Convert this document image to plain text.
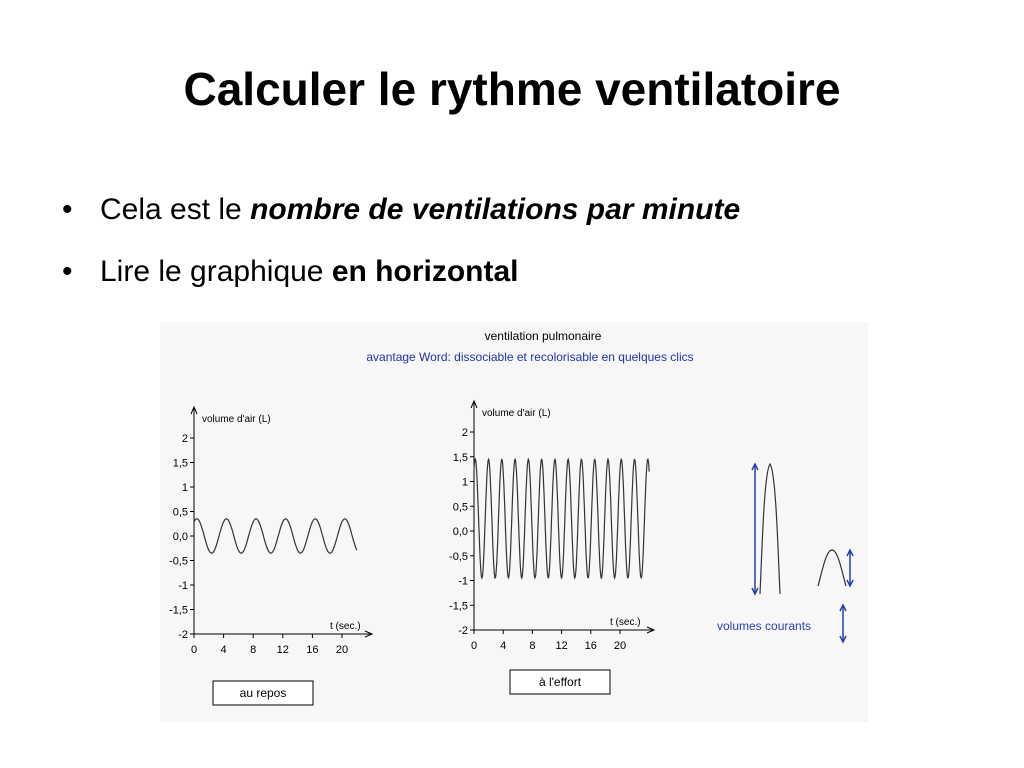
Calculer le rythme ventilatoire
• Cela est le nombre de ventilations par minute
• Lire le graphique en horizontal
ventilation pulmonaire
avantage Word: dissociable et recolorisable en quelques clics
volume d'air (L)
t (sec.)
2
1,5
1
0,5
0,0
-0,5
-1
-1,5
-2
0 4 8 12 16 20
au repos
volume d'air (L)
t (sec.)
2
1,5
1
0,5
0,0
-0,5
-1
-1,5
-2
0 4 8 12 16 20
à l'effort
volumes courants
